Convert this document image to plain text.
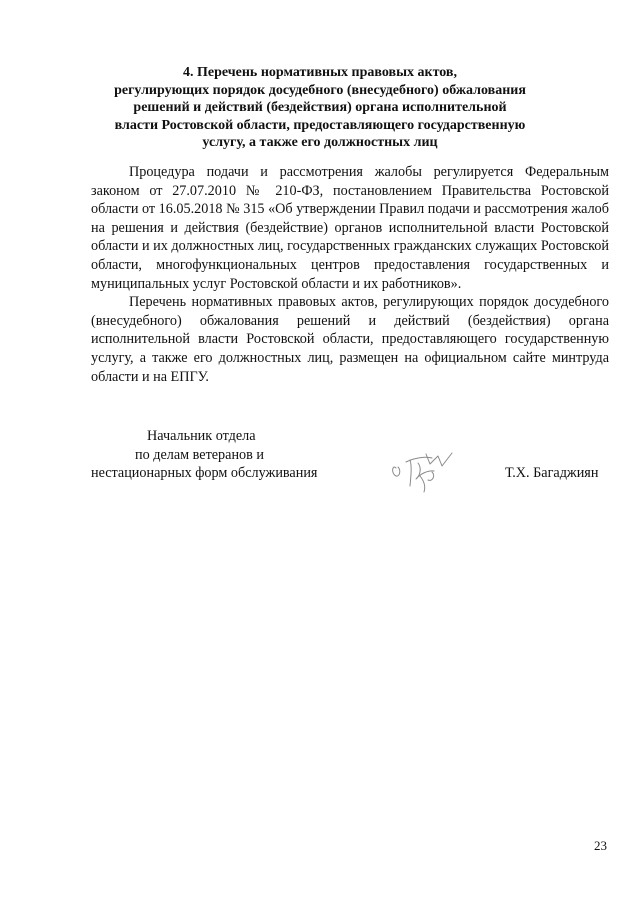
4. Перечень нормативных правовых актов,
регулирующих порядок досудебного (внесудебного) обжалования
решений и действий (бездействия) органа исполнительной
власти Ростовской области, предоставляющего государственную
услугу, а также его должностных лиц

Процедура подачи и рассмотрения жалобы регулируется Федеральным законом от 27.07.2010 № 210-ФЗ, постановлением Правительства Ростовской области от 16.05.2018 № 315 «Об утверждении Правил подачи и рассмотрения жалоб на решения и действия (бездействие) органов исполнительной власти Ростовской области и их должностных лиц, государственных гражданских служащих Ростовской области, многофункциональных центров предоставления государственных и муниципальных услуг Ростовской области и их работников».

Перечень нормативных правовых актов, регулирующих порядок досудебного (внесудебного) обжалования решений и действий (бездействия) органа исполнительной власти Ростовской области, предоставляющего государственную услугу, а также его должностных лиц, размещен на официальном сайте минтруда области и на ЕПГУ.

Начальник отдела
по делам ветеранов и
нестационарных форм обслуживания	Т.Х. Багаджиян
23
